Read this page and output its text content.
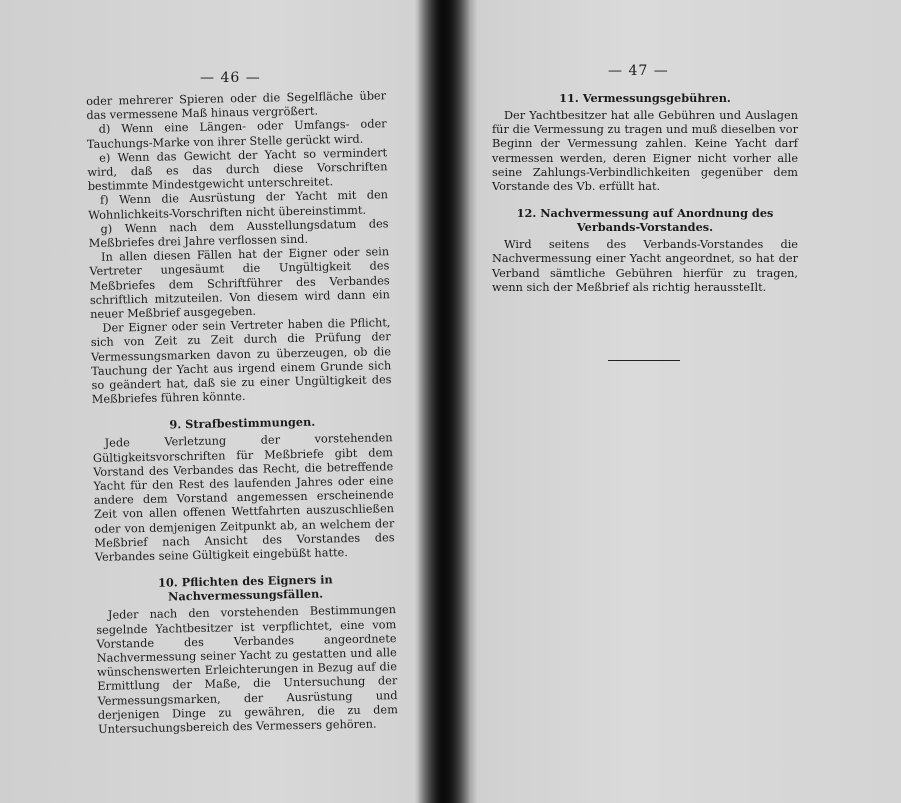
— 46 —

oder mehrerer Spieren oder die Segelfläche über das vermessene Maß hinaus vergrößert.

d) Wenn eine Längen- oder Umfangs- oder Tauchungs-Marke von ihrer Stelle gerückt wird.

e) Wenn das Gewicht der Yacht so vermindert wird, daß es das durch diese Vorschriften bestimmte Mindestgewicht unterschreitet.

f) Wenn die Ausrüstung der Yacht mit den Wohnlichkeits-Vorschriften nicht übereinstimmt.

g) Wenn nach dem Ausstellungsdatum des Meßbriefes drei Jahre verflossen sind.

In allen diesen Fällen hat der Eigner oder sein Vertreter ungesäumt die Ungültigkeit des Meßbriefes dem Schriftführer des Verbandes schriftlich mitzuteilen. Von diesem wird dann ein neuer Meßbrief ausgegeben.

Der Eigner oder sein Vertreter haben die Pflicht, sich von Zeit zu Zeit durch die Prüfung der Vermessungsmarken davon zu überzeugen, ob die Tauchung der Yacht aus irgend einem Grunde sich so geändert hat, daß sie zu einer Ungültigkeit des Meßbriefes führen könnte.

9. Strafbestimmungen.

Jede Verletzung der vorstehenden Gültigkeitsvorschriften für Meßbriefe gibt dem Vorstand des Verbandes das Recht, die betreffende Yacht für den Rest des laufenden Jahres oder eine andere dem Vorstand angemessen erscheinende Zeit von allen offenen Wettfahrten auszuschließen oder von demjenigen Zeitpunkt ab, an welchem der Meßbrief nach Ansicht des Vorstandes des Verbandes seine Gültigkeit eingebüßt hatte.

10. Pflichten des Eigners in Nachvermessungsfällen.

Jeder nach den vorstehenden Bestimmungen segelnde Yachtbesitzer ist verpflichtet, eine vom Vorstande des Verbandes angeordnete Nachvermessung seiner Yacht zu gestatten und alle wünschenswerten Erleichterungen in Bezug auf die Ermittlung der Maße, die Untersuchung der Vermessungsmarken, der Ausrüstung und derjenigen Dinge zu gewähren, die zu dem Untersuchungsbereich des Vermessers gehören.

— 47 —
11. Vermessungsgebühren.

Der Yachtbesitzer hat alle Gebühren und Auslagen für die Vermessung zu tragen und muß dieselben vor Beginn der Vermessung zahlen. Keine Yacht darf vermessen werden, deren Eigner nicht vorher alle seine Zahlungs-Verbindlichkeiten gegenüber dem Vorstande des Vb. erfüllt hat.

12. Nachvermessung auf Anordnung des Verbands-Vorstandes.

Wird seitens des Verbands-Vorstandes die Nachvermessung einer Yacht angeordnet, so hat der Verband sämtliche Gebühren hierfür zu tragen, wenn sich der Meßbrief als richtig heraussteIlt.
